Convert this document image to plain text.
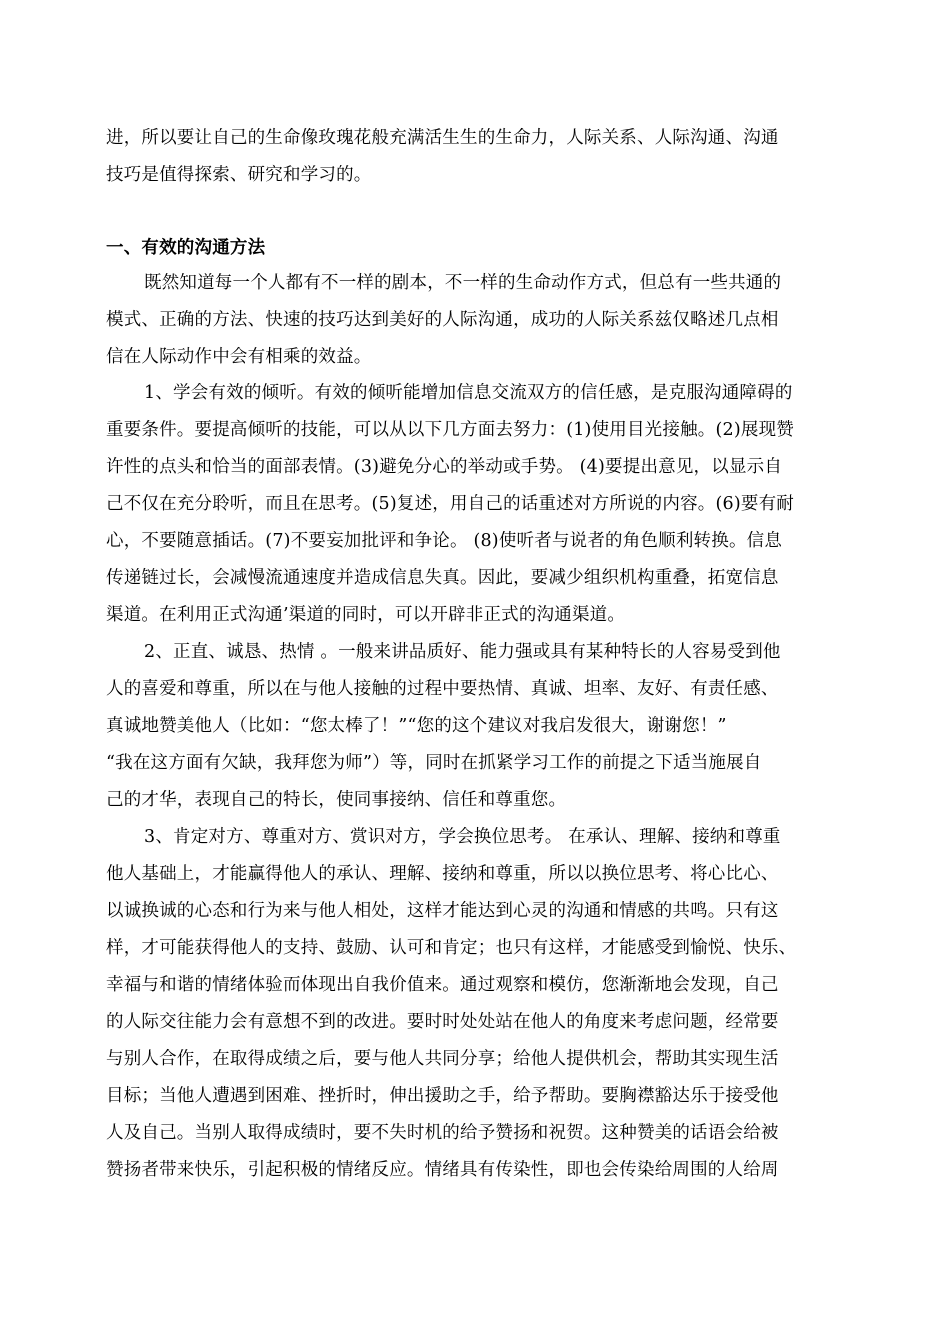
进，所以要让自己的生命像玫瑰花般充满活生生的生命力，人际关系、人际沟通、沟通
技巧是值得探索、研究和学习的。
一、有效的沟通方法
既然知道每一个人都有不一样的剧本，不一样的生命动作方式，但总有一些共通的
模式、正确的方法、快速的技巧达到美好的人际沟通，成功的人际关系兹仅略述几点相
信在人际动作中会有相乘的效益。
1、学会有效的倾听。有效的倾听能增加信息交流双方的信任感，是克服沟通障碍的
重要条件。要提高倾听的技能，可以从以下几方面去努力：(1)使用目光接触。(2)展现赞
许性的点头和恰当的面部表情。(3)避免分心的举动或手势。 (4)要提出意见，以显示自
己不仅在充分聆听，而且在思考。(5)复述，用自己的话重述对方所说的内容。(6)要有耐
心，不要随意插话。(7)不要妄加批评和争论。 (8)使听者与说者的角色顺利转换。信息
传递链过长，会减慢流通速度并造成信息失真。因此，要减少组织机构重叠，拓宽信息
渠道。在利用正式沟通’渠道的同时，可以开辟非正式的沟通渠道。
2、正直、诚恳、热情 。一般来讲品质好、能力强或具有某种特长的人容易受到他
人的喜爱和尊重，所以在与他人接触的过程中要热情、真诚、坦率、友好、有责任感、
真诚地赞美他人（比如：“您太棒了！”“您的这个建议对我启发很大，谢谢您！”
“我在这方面有欠缺，我拜您为师”）等，同时在抓紧学习工作的前提之下适当施展自
己的才华，表现自己的特长，使同事接纳、信任和尊重您。
3、肯定对方、尊重对方、赏识对方，学会换位思考。 在承认、理解、接纳和尊重
他人基础上，才能赢得他人的承认、理解、接纳和尊重，所以以换位思考、将心比心、
以诚换诚的心态和行为来与他人相处，这样才能达到心灵的沟通和情感的共鸣。只有这
样，才可能获得他人的支持、鼓励、认可和肯定；也只有这样，才能感受到愉悦、快乐、
幸福与和谐的情绪体验而体现出自我价值来。通过观察和模仿，您渐渐地会发现，自己
的人际交往能力会有意想不到的改进。要时时处处站在他人的角度来考虑问题，经常要
与别人合作，在取得成绩之后，要与他人共同分享；给他人提供机会，帮助其实现生活
目标；当他人遭遇到困难、挫折时，伸出援助之手，给予帮助。要胸襟豁达乐于接受他
人及自己。当别人取得成绩时，要不失时机的给予赞扬和祝贺。这种赞美的话语会给被
赞扬者带来快乐，引起积极的情绪反应。情绪具有传染性，即也会传染给周围的人给周
